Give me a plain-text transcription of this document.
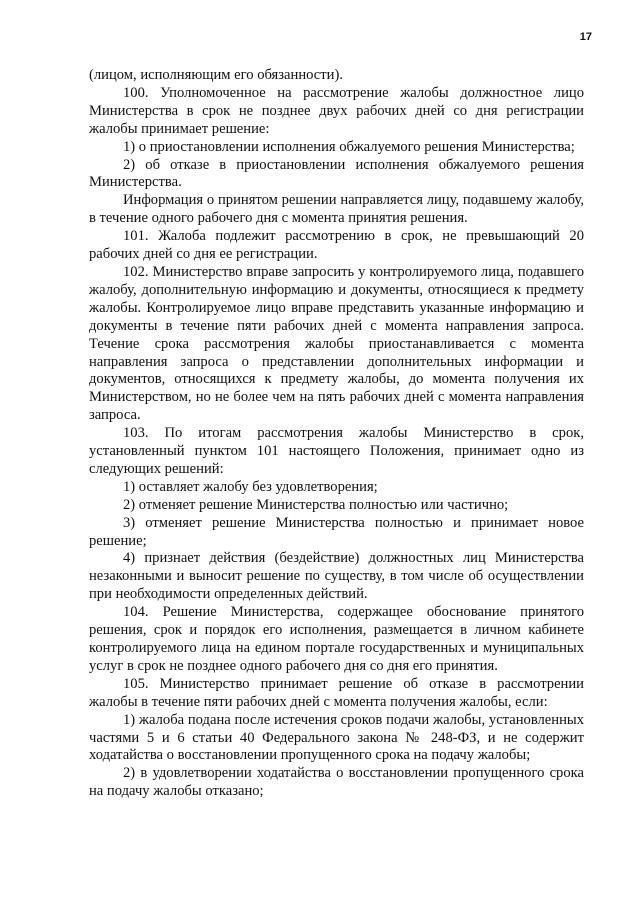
17

(лицом, исполняющим его обязанности).

100. Уполномоченное на рассмотрение жалобы должностное лицо Министерства в срок не позднее двух рабочих дней со дня регистрации жалобы принимает решение:

1) о приостановлении исполнения обжалуемого решения Министерства;

2) об отказе в приостановлении исполнения обжалуемого решения Министерства.

Информация о принятом решении направляется лицу, подавшему жалобу, в течение одного рабочего дня с момента принятия решения.

101. Жалоба подлежит рассмотрению в срок, не превышающий 20 рабочих дней со дня ее регистрации.

102. Министерство вправе запросить у контролируемого лица, подавшего жалобу, дополнительную информацию и документы, относящиеся к предмету жалобы. Контролируемое лицо вправе представить указанные информацию и документы в течение пяти рабочих дней с момента направления запроса. Течение срока рассмотрения жалобы приостанавливается с момента направления запроса о представлении дополнительных информации и документов, относящихся к предмету жалобы, до момента получения их Министерством, но не более чем на пять рабочих дней с момента направления запроса.

103. По итогам рассмотрения жалобы Министерство в срок, установленный пунктом 101 настоящего Положения, принимает одно из следующих решений:

1) оставляет жалобу без удовлетворения;

2) отменяет решение Министерства полностью или частично;

3) отменяет решение Министерства полностью и принимает новое решение;

4) признает действия (бездействие) должностных лиц Министерства незаконными и выносит решение по существу, в том числе об осуществлении при необходимости определенных действий.

104. Решение Министерства, содержащее обоснование принятого решения, срок и порядок его исполнения, размещается в личном кабинете контролируемого лица на едином портале государственных и муниципальных услуг в срок не позднее одного рабочего дня со дня его принятия.

105. Министерство принимает решение об отказе в рассмотрении жалобы в течение пяти рабочих дней с момента получения жалобы, если:

1) жалоба подана после истечения сроков подачи жалобы, установленных частями 5 и 6 статьи 40 Федерального закона № 248-ФЗ, и не содержит ходатайства о восстановлении пропущенного срока на подачу жалобы;

2) в удовлетворении ходатайства о восстановлении пропущенного срока на подачу жалобы отказано;
